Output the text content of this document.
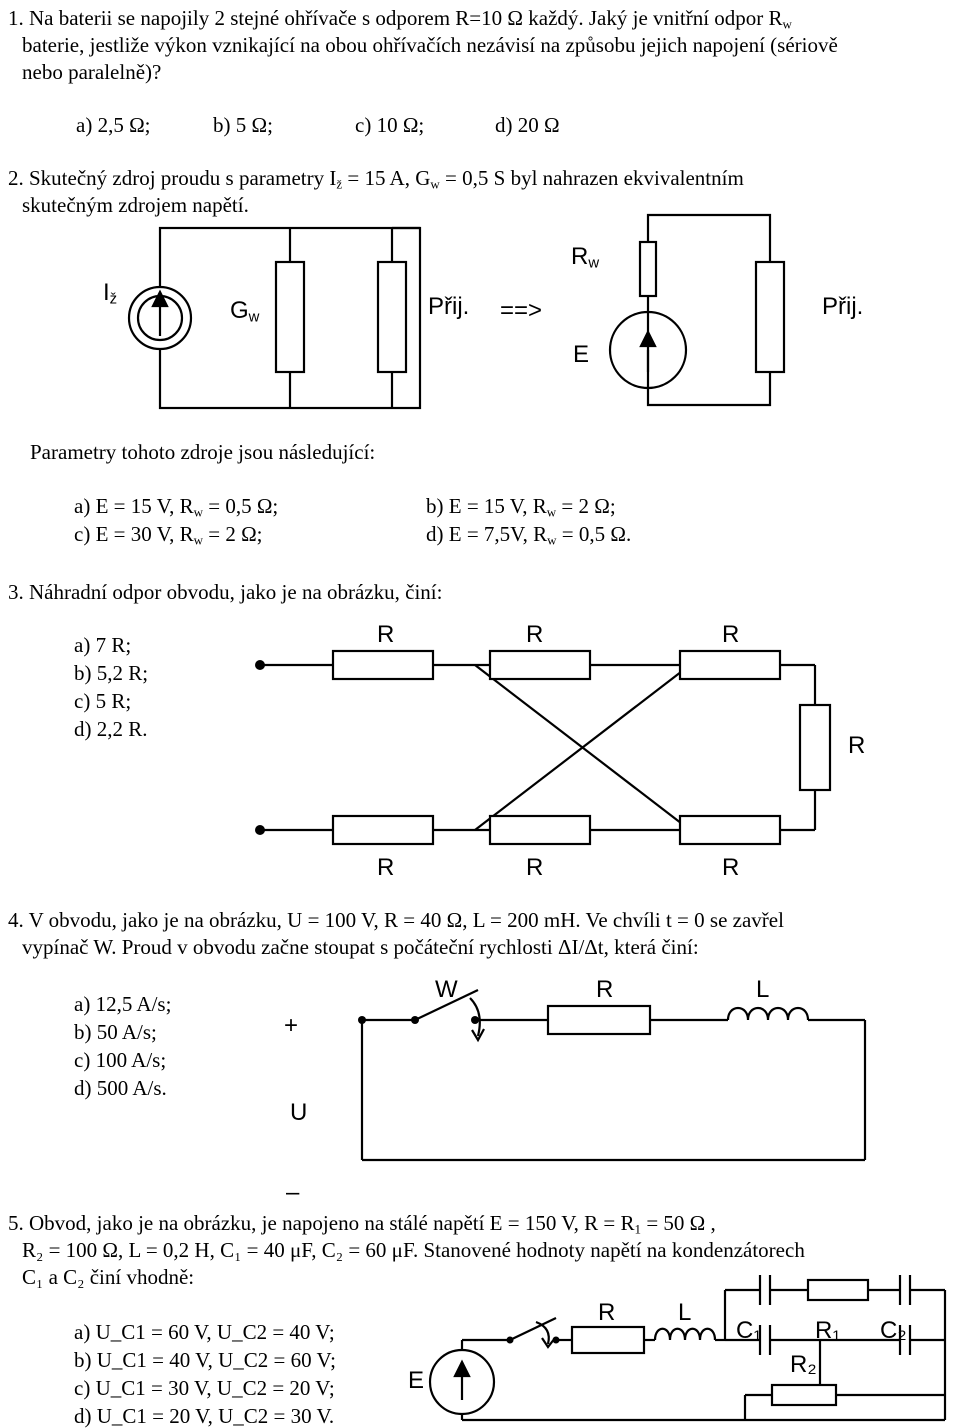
1. Na baterii se napojily 2 stejné ohřívače s odporem R=10 Ω každý. Jaký je vnitřní odpor $R_w$
baterie, jestliže výkon vznikající na obou ohřívačích nezávisí na způsobu jejich napojení (sériově
nebo paralelně)?
a) 2,5 Ω;	b) 5 Ω;	c) 10 Ω;	d) 20 Ω
2. Skutečný zdroj proudu s parametry $I_ž = 15$ A, $G_w = 0,5$ S byl nahrazen ekvivalentním
skutečným zdrojem napětí.
$I_ž$	$G_w$	Přij. ==>
$R_w$
E
Přij.
Parametry tohoto zdroje jsou následující:
a) E = 15 V, $R_w = 0,5$ Ω;	b) E = 15 V, $R_w = 2$ Ω;
c) E = 30 V, $R_w = 2$ Ω;	d) E = 7,5V, $R_w = 0,5$ Ω.
3. Náhradní odpor obvodu, jako je na obrázku, činí:
a) 7 R;
b) 5,2 R;
c) 5 R;
d) 2,2 R.
R	R	R
R
R	R	R
4. V obvodu, jako je na obrázku, U = 100 V, R = 40 Ω, L = 200 mH. Ve chvíli t = 0 se zavřel
vypínač W. Proud v obvodu začne stoupat s počáteční rychlosti ΔI/Δt, která činí:
a) 12,5 A/s;
b) 50 A/s;
c) 100 A/s;
d) 500 A/s.
W	R	L
+
U
–
5. Obvod, jako je na obrázku, je napojeno na stálé napětí E = 150 V, $R = R_1 = 50$ Ω ,
R₂ = 100 Ω, L = 0,2 H, C₁ = 40 μF, C₂ = 60 μF. Stanovené hodnoty napětí na kondenzátorech
C₁ a C₂ činí vhodně:
a) U_C1 = 60 V, U_C2 = 40 V;
b) U_C1 = 40 V, U_C2 = 60 V;
c) U_C1 = 30 V, U_C2 = 20 V;
d) U_C1 = 20 V, U_C2 = 30 V.
E
R	L
C₁ R₁ C₂
R₂
